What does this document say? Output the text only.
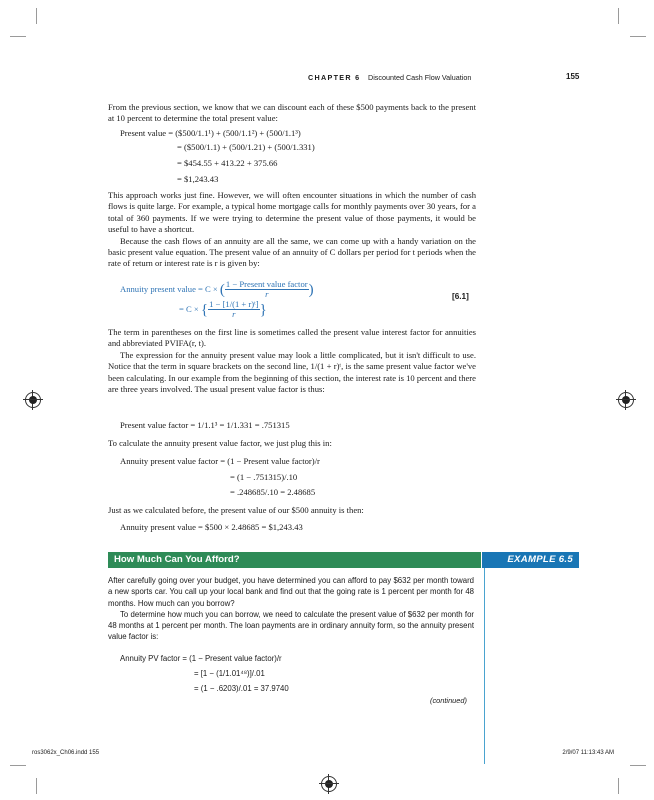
CHAPTER 6 Discounted Cash Flow Valuation	155

From the previous section, we know that we can discount each of these $500 payments back to the present at 10 percent to determine the total present value:

Present value = ($500/1.1¹) + (500/1.1²) + (500/1.1³)
= ($500/1.1) + (500/1.21) + (500/1.331)
= $454.55 + 413.22 + 375.66
= $1,243.43

This approach works just fine. However, we will often encounter situations in which the number of cash flows is quite large. For example, a typical home mortgage calls for monthly payments over 30 years, for a total of 360 payments. If we were trying to determine the present value of those payments, it would be useful to have a shortcut.

Because the cash flows of an annuity are all the same, we can come up with a handy variation on the basic present value equation. The present value of an annuity of C dollars per period for t periods when the rate of return or interest rate is r is given by:

Annuity present value = C × ( $\frac{\text{1 − Present value factor}}{r}$ )
= C × { $\frac{\text{1 − [1/(1 + r)ᵗ]}}{r}$ }
[6.1]

The term in parentheses on the first line is sometimes called the present value interest factor for annuities and abbreviated PVIFA(r, t).

The expression for the annuity present value may look a little complicated, but it isn't difficult to use. Notice that the term in square brackets on the second line, 1/(1 + r)ᵗ, is the same present value factor we've been calculating. In our example from the beginning of this section, the interest rate is 10 percent and there are three years involved. The usual present value factor is thus:

Present value factor = 1/1.1³ = 1/1.331 = .751315

To calculate the annuity present value factor, we just plug this in:

Annuity present value factor = (1 − Present value factor)/r
= (1 − .751315)/.10
= .248685/.10 = 2.48685

Just as we calculated before, the present value of our $500 annuity is then:

Annuity present value = $500 × 2.48685 = $1,243.43
How Much Can You Afford?	EXAMPLE 6.5

After carefully going over your budget, you have determined you can afford to pay $632 per month toward a new sports car. You call up your local bank and find out that the going rate is 1 percent per month for 48 months. How much can you borrow?

To determine how much you can borrow, we need to calculate the present value of $632 per month for 48 months at 1 percent per month. The loan payments are in ordinary annuity form, so the annuity present value factor is:

Annuity PV factor = (1 − Present value factor)/r
= [1 − (1/1.01⁴⁸)]/.01
= (1 − .6203)/.01 = 37.9740
(continued)
ros3062x_Ch06.indd 155	2/9/07 11:13:43 AM
